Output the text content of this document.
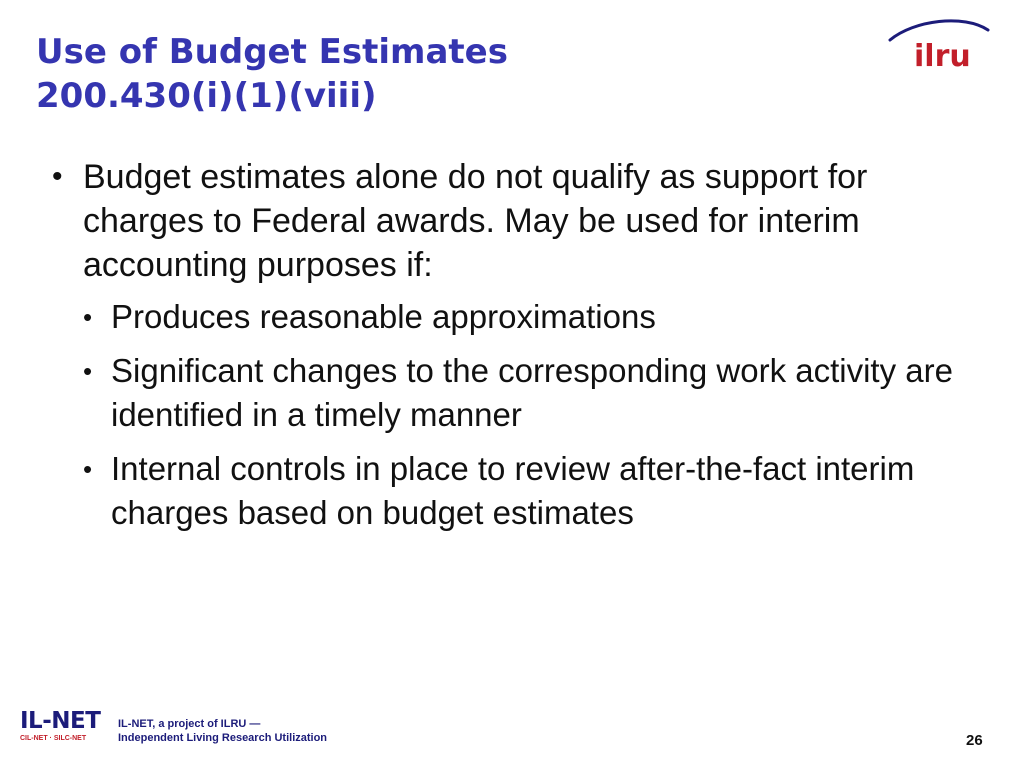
Use of Budget Estimates
200.430(i)(1)(viii)
ilru
• Budget estimates alone do not qualify as support for charges to Federal awards. May be used for interim accounting purposes if:
• Produces reasonable approximations
• Significant changes to the corresponding work activity are identified in a timely manner
• Internal controls in place to review after-the-fact interim charges based on budget estimates
IL-NET
CIL-NET · SILC-NET
IL-NET, a project of ILRU —
Independent Living Research Utilization	26
